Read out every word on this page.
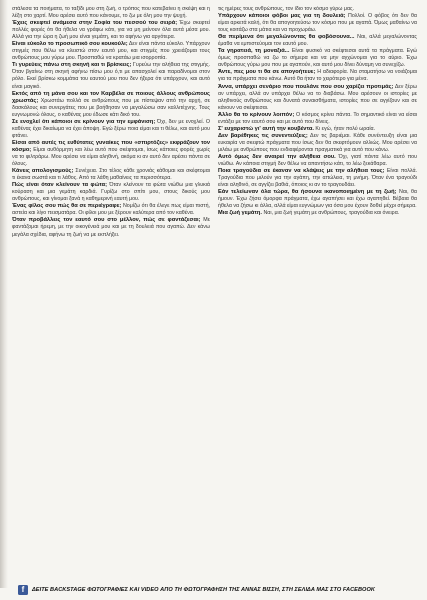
στάλεσα τα ποιήματα, το ταξίδι μου στη ζωή, ο τρόπος που κατεβαίνει η σκέψη και η λέξη στο χαρτί. Μου αρέσει αυτό που κάνουμε, το ζω με όλη μου την ψυχή.

Έχεις σκεφτεί ανάμεσα στην Σοφία του πεσσού του σειρά; Έχω σκεφτεί πολλές φορές ότι θα ήθελα να γράφω κάτι, για να μη μείνουν όλα αυτά μέσα μου. Αλλά για την ώρα η ζωή μου είναι γεμάτη, και το αφήνω για αργότερα.

Είναι εύκολο το προσωπικό σου κουκούλι; Δεν είναι πάντα εύκολο. Υπάρχουν στιγμές που θέλω να κλειστώ στον εαυτό μου, και στιγμές που χρειάζομαι τους ανθρώπους μου γύρω μου. Προσπαθώ να κρατάω μια ισορροπία.

Τι γυρεύεις πάνω στη σκηνή και τι βρίσκεις; Γυρεύω την αλήθεια της στιγμής. Όταν βγαίνω στη σκηνή αφήνω πίσω μου ό,τι με απασχολεί και παραδίνομαι στον ρόλο. Εκεί βρίσκω κομμάτια του εαυτού μου που δεν ήξερα ότι υπάρχουν, και αυτό είναι μαγικό.

Εκτός από τη μάνα σου και τον Καρβέλα σε ποιους άλλους ανθρώπους χρωστάς; Χρωστάω πολλά σε ανθρώπους που με πίστεψαν από την αρχή, σε δασκάλους και συνεργάτες που με βοήθησαν να μεγαλώσω σαν καλλιτέχνης. Τους ευγνωμονώ όλους, ο καθένας μου έδωσε κάτι δικό του.

Σε ενοχλεί ότι κάποιοι σε κρίνουν για την εμφάνιση; Όχι, δεν με ενοχλεί. Ο καθένας έχει δικαίωμα να έχει άποψη. Εγώ ξέρω ποια είμαι και τι θέλω, και αυτό μου φτάνει.

Είσαι από αυτές τις ευθύτατες γυναίκες που «σπιρτόζες» εκφράζουν τον κόσμο; Είμαι αυθόρμητη και λέω αυτό που σκέφτομαι, ίσως κάποιες φορές χωρίς να το φιλτράρω. Μου αρέσει να είμαι αληθινή, ακόμα κι αν αυτό δεν αρέσει πάντα σε όλους.

Κάνεις απολογισμούς; Συνέχεια. Στο τέλος κάθε χρονιάς κάθομαι και σκέφτομαι τι έκανα σωστά και τι λάθος. Από τα λάθη μαθαίνεις τα περισσότερα.

Πώς είναι όταν κλείνουν τα φώτα; Όταν κλείνουν τα φώτα νιώθω μια γλυκιά κούραση και μια γεμάτη καρδιά. Γυρίζω στο σπίτι μου, στους δικούς μου ανθρώπους, και γίνομαι ξανά η καθημερινή εαυτή μου.

Ένας φίλος σου πώς θα σε περιέγραφε; Νομίζω ότι θα έλεγε πως είμαι πιστή, αστεία και λίγο πεισματάρα. Οι φίλοι μου με ξέρουν καλύτερα από τον καθένα.

Όταν προβάλλεις τον εαυτό σου στο μέλλον, πώς σε φαντάζεσαι; Με φαντάζομαι ήρεμη, με την οικογένειά μου και με τη δουλειά που αγαπώ. Δεν κάνω μεγάλα σχέδια, αφήνω τη ζωή να με εκπλήξει.

τις ημέρες τους ανθρώπους, τον ίδιο τον κόσμο γύρω μας.

Υπάρχουν κάποιοι φόβοι μας για τη δουλειά; Πολλοί. Ο φόβος ότι δεν θα είμαι αρκετά καλή, ότι θα απογοητεύσω τον κόσμο που με αγαπά. Όμως μαθαίνω να τους κοιτάζω στα μάτια και να προχωράω.

Θα περίμενα ότι μεγαλώνοντας θα φοβόσουνα... Ναι, αλλά μεγαλώνοντας έμαθα να εμπιστεύομαι τον εαυτό μου.

Τα γηρατειά, τη μοναξιά... Είναι φυσικό να σκέφτεσαι αυτά τα πράγματα. Εγώ όμως προσπαθώ να ζω το σήμερα και να μην αγχώνομαι για το αύριο. Έχω ανθρώπους γύρω μου που με αγαπούν, και αυτό μου δίνει δύναμη να συνεχίζω.

Άντε, πες μου τι θα σε απογοήτευε; Η αδιαφορία. Να σταματήσω να νοιάζομαι για τα πράγματα που κάνω. Αυτό θα ήταν το χειρότερο για μένα.

Άννα, υπάρχει σενάριο που πουλάνε που σου χαρίζει προτιμάς; Δεν ξέρω αν υπάρχει, αλλά αν υπάρχει θέλω να το διαβάσω. Μου αρέσουν οι ιστορίες με αληθινούς ανθρώπους και δυνατά συναισθήματα, ιστορίες που σε αγγίζουν και σε κάνουν να σκέφτεσαι.

Άλλο θα το κρίνουν λοιπόν; Ο κόσμος κρίνει πάντα. Το σημαντικό είναι να είσαι εντάξει με τον εαυτό σου και με αυτό που δίνεις.

Σ' ευχαριστώ γι' αυτή την κουβέντα. Κι εγώ, ήταν πολύ ωραία.

Δεν βαρέθηκες τις συνεντεύξεις; Δεν τις βαριέμαι. Κάθε συνέντευξη είναι μια ευκαιρία να σκεφτώ πράγματα που ίσως δεν θα σκεφτόμουν αλλιώς. Μου αρέσει να μιλάω με ανθρώπους που ενδιαφέρονται πραγματικά για αυτό που κάνω.

Αυτό όμως δεν αναιρεί την αλήθεια σου. Όχι, γιατί πάντα λέω αυτό που νιώθω. Αν κάποια στιγμή δεν θέλω να απαντήσω κάτι, το λέω ξεκάθαρα.

Ποια τραγούδια σε έκαναν να κλάψεις με την αλήθεια τους; Είναι πολλά. Τραγούδια που μιλούν για την αγάπη, την απώλεια, τη μνήμη. Όταν ένα τραγούδι είναι αληθινό, σε αγγίζει βαθιά, όποιος κι αν το τραγουδάει.

Εάν τελείωναν όλα τώρα, θα ήσουνα ικανοποιημένη με τη ζωή; Ναι, θα ήμουν. Έχω ζήσει όμορφα πράγματα, έχω αγαπήσει και έχω αγαπηθεί. Βέβαια θα ήθελα να ζήσω κι άλλα, αλλά είμαι ευγνώμων για όσα μου έχουν δοθεί μέχρι σήμερα.

Μια ζωή γεμάτη. Ναι, μια ζωή γεμάτη με ανθρώπους, τραγούδια και όνειρα.

f	ΔΕΙΤΕ BACKSTAGE ΦΩΤΟΓΡΑΦΙΕΣ ΚΑΙ VIDEO ΑΠΟ ΤΗ ΦΩΤΟΓΡΑΦΗΣΗ ΤΗΣ ΑΝΝΑΣ ΒΙΣΣΗ, ΣΤΗ ΣΕΛΙΔΑ ΜΑΣ ΣΤΟ FACEBOOK
